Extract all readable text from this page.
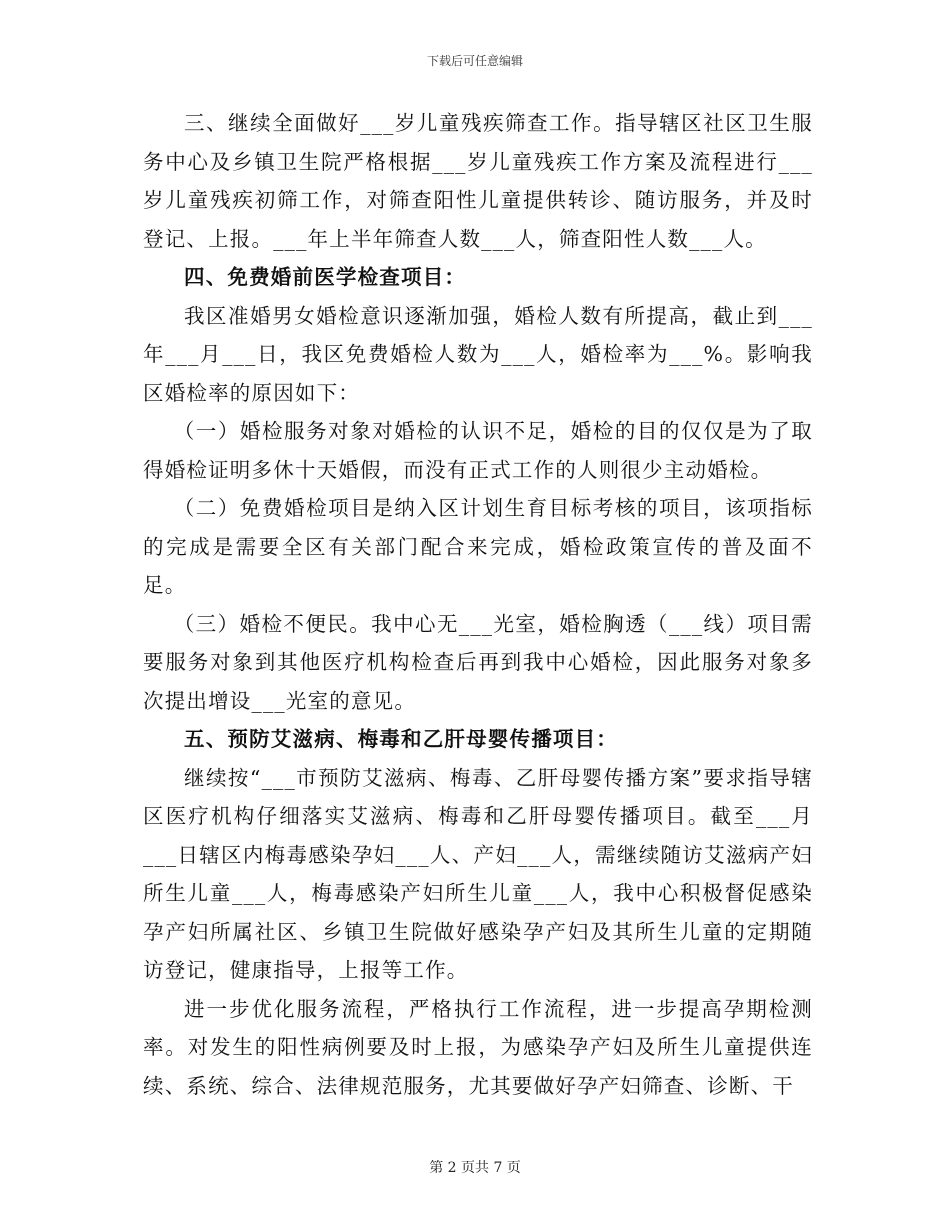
下载后可任意编辑

三、继续全面做好___岁儿童残疾筛查工作。指导辖区社区卫生服务中心及乡镇卫生院严格根据___岁儿童残疾工作方案及流程进行___岁儿童残疾初筛工作，对筛查阳性儿童提供转诊、随访服务，并及时登记、上报。___年上半年筛查人数___人，筛查阳性人数___人。

四、免费婚前医学检查项目：

我区准婚男女婚检意识逐渐加强，婚检人数有所提高，截止到___年___月___日，我区免费婚检人数为___人，婚检率为___%。影响我区婚检率的原因如下：

（一）婚检服务对象对婚检的认识不足，婚检的目的仅仅是为了取得婚检证明多休十天婚假，而没有正式工作的人则很少主动婚检。

（二）免费婚检项目是纳入区计划生育目标考核的项目，该项指标的完成是需要全区有关部门配合来完成，婚检政策宣传的普及面不足。

（三）婚检不便民。我中心无___光室，婚检胸透（___线）项目需要服务对象到其他医疗机构检查后再到我中心婚检，因此服务对象多次提出增设___光室的意见。

五、预防艾滋病、梅毒和乙肝母婴传播项目：

继续按“___市预防艾滋病、梅毒、乙肝母婴传播方案”要求指导辖区医疗机构仔细落实艾滋病、梅毒和乙肝母婴传播项目。截至___月___日辖区内梅毒感染孕妇___人、产妇___人，需继续随访艾滋病产妇所生儿童___人，梅毒感染产妇所生儿童___人，我中心积极督促感染孕产妇所属社区、乡镇卫生院做好感染孕产妇及其所生儿童的定期随访登记，健康指导，上报等工作。

进一步优化服务流程，严格执行工作流程，进一步提高孕期检测率。对发生的阳性病例要及时上报，为感染孕产妇及所生儿童提供连续、系统、综合、法律规范服务，尤其要做好孕产妇筛查、诊断、干

第 2 页共 7 页
